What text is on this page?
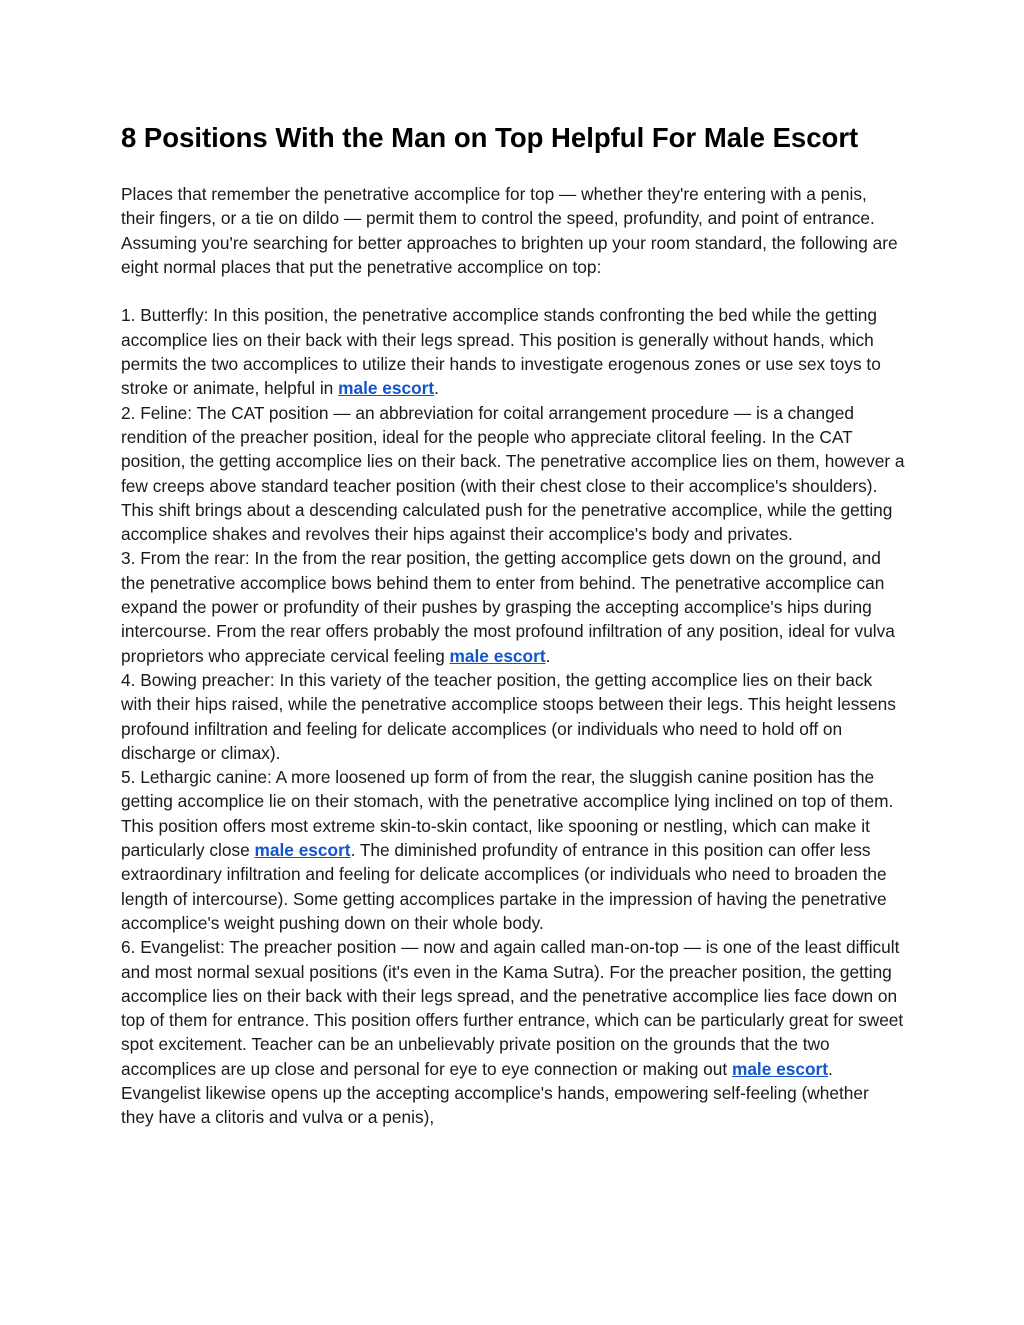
8 Positions With the Man on Top Helpful For Male Escort

Places that remember the penetrative accomplice for top — whether they're entering with a penis, their fingers, or a tie on dildo — permit them to control the speed, profundity, and point of entrance. Assuming you're searching for better approaches to brighten up your room standard, the following are eight normal places that put the penetrative accomplice on top:

1. Butterfly: In this position, the penetrative accomplice stands confronting the bed while the getting accomplice lies on their back with their legs spread. This position is generally without hands, which permits the two accomplices to utilize their hands to investigate erogenous zones or use sex toys to stroke or animate, helpful in male escort.

2. Feline: The CAT position — an abbreviation for coital arrangement procedure — is a changed rendition of the preacher position, ideal for the people who appreciate clitoral feeling. In the CAT position, the getting accomplice lies on their back. The penetrative accomplice lies on them, however a few creeps above standard teacher position (with their chest close to their accomplice's shoulders). This shift brings about a descending calculated push for the penetrative accomplice, while the getting accomplice shakes and revolves their hips against their accomplice's body and privates.

3. From the rear: In the from the rear position, the getting accomplice gets down on the ground, and the penetrative accomplice bows behind them to enter from behind. The penetrative accomplice can expand the power or profundity of their pushes by grasping the accepting accomplice's hips during intercourse. From the rear offers probably the most profound infiltration of any position, ideal for vulva proprietors who appreciate cervical feeling male escort.

4. Bowing preacher: In this variety of the teacher position, the getting accomplice lies on their back with their hips raised, while the penetrative accomplice stoops between their legs. This height lessens profound infiltration and feeling for delicate accomplices (or individuals who need to hold off on discharge or climax).

5. Lethargic canine: A more loosened up form of from the rear, the sluggish canine position has the getting accomplice lie on their stomach, with the penetrative accomplice lying inclined on top of them. This position offers most extreme skin-to-skin contact, like spooning or nestling, which can make it particularly close male escort. The diminished profundity of entrance in this position can offer less extraordinary infiltration and feeling for delicate accomplices (or individuals who need to broaden the length of intercourse). Some getting accomplices partake in the impression of having the penetrative accomplice's weight pushing down on their whole body.

6. Evangelist: The preacher position — now and again called man-on-top — is one of the least difficult and most normal sexual positions (it's even in the Kama Sutra). For the preacher position, the getting accomplice lies on their back with their legs spread, and the penetrative accomplice lies face down on top of them for entrance. This position offers further entrance, which can be particularly great for sweet spot excitement. Teacher can be an unbelievably private position on the grounds that the two accomplices are up close and personal for eye to eye connection or making out male escort. Evangelist likewise opens up the accepting accomplice's hands, empowering self-feeling (whether they have a clitoris and vulva or a penis),
